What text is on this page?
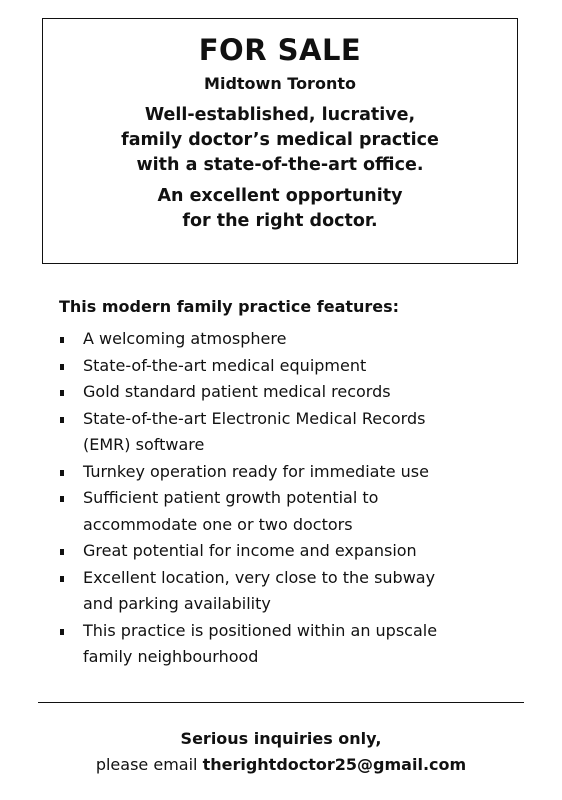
FOR SALE
Midtown Toronto
Well-established, lucrative,
family doctor’s medical practice
with a state-of-the-art office.
An excellent opportunity
for the right doctor.
This modern family practice features:
A welcoming atmosphere
State-of-the-art medical equipment
Gold standard patient medical records
State-of-the-art Electronic Medical Records
(EMR) software
Turnkey operation ready for immediate use
Sufficient patient growth potential to
accommodate one or two doctors
Great potential for income and expansion
Excellent location, very close to the subway
and parking availability
This practice is positioned within an upscale
family neighbourhood
Serious inquiries only,
please email therightdoctor25@gmail.com
